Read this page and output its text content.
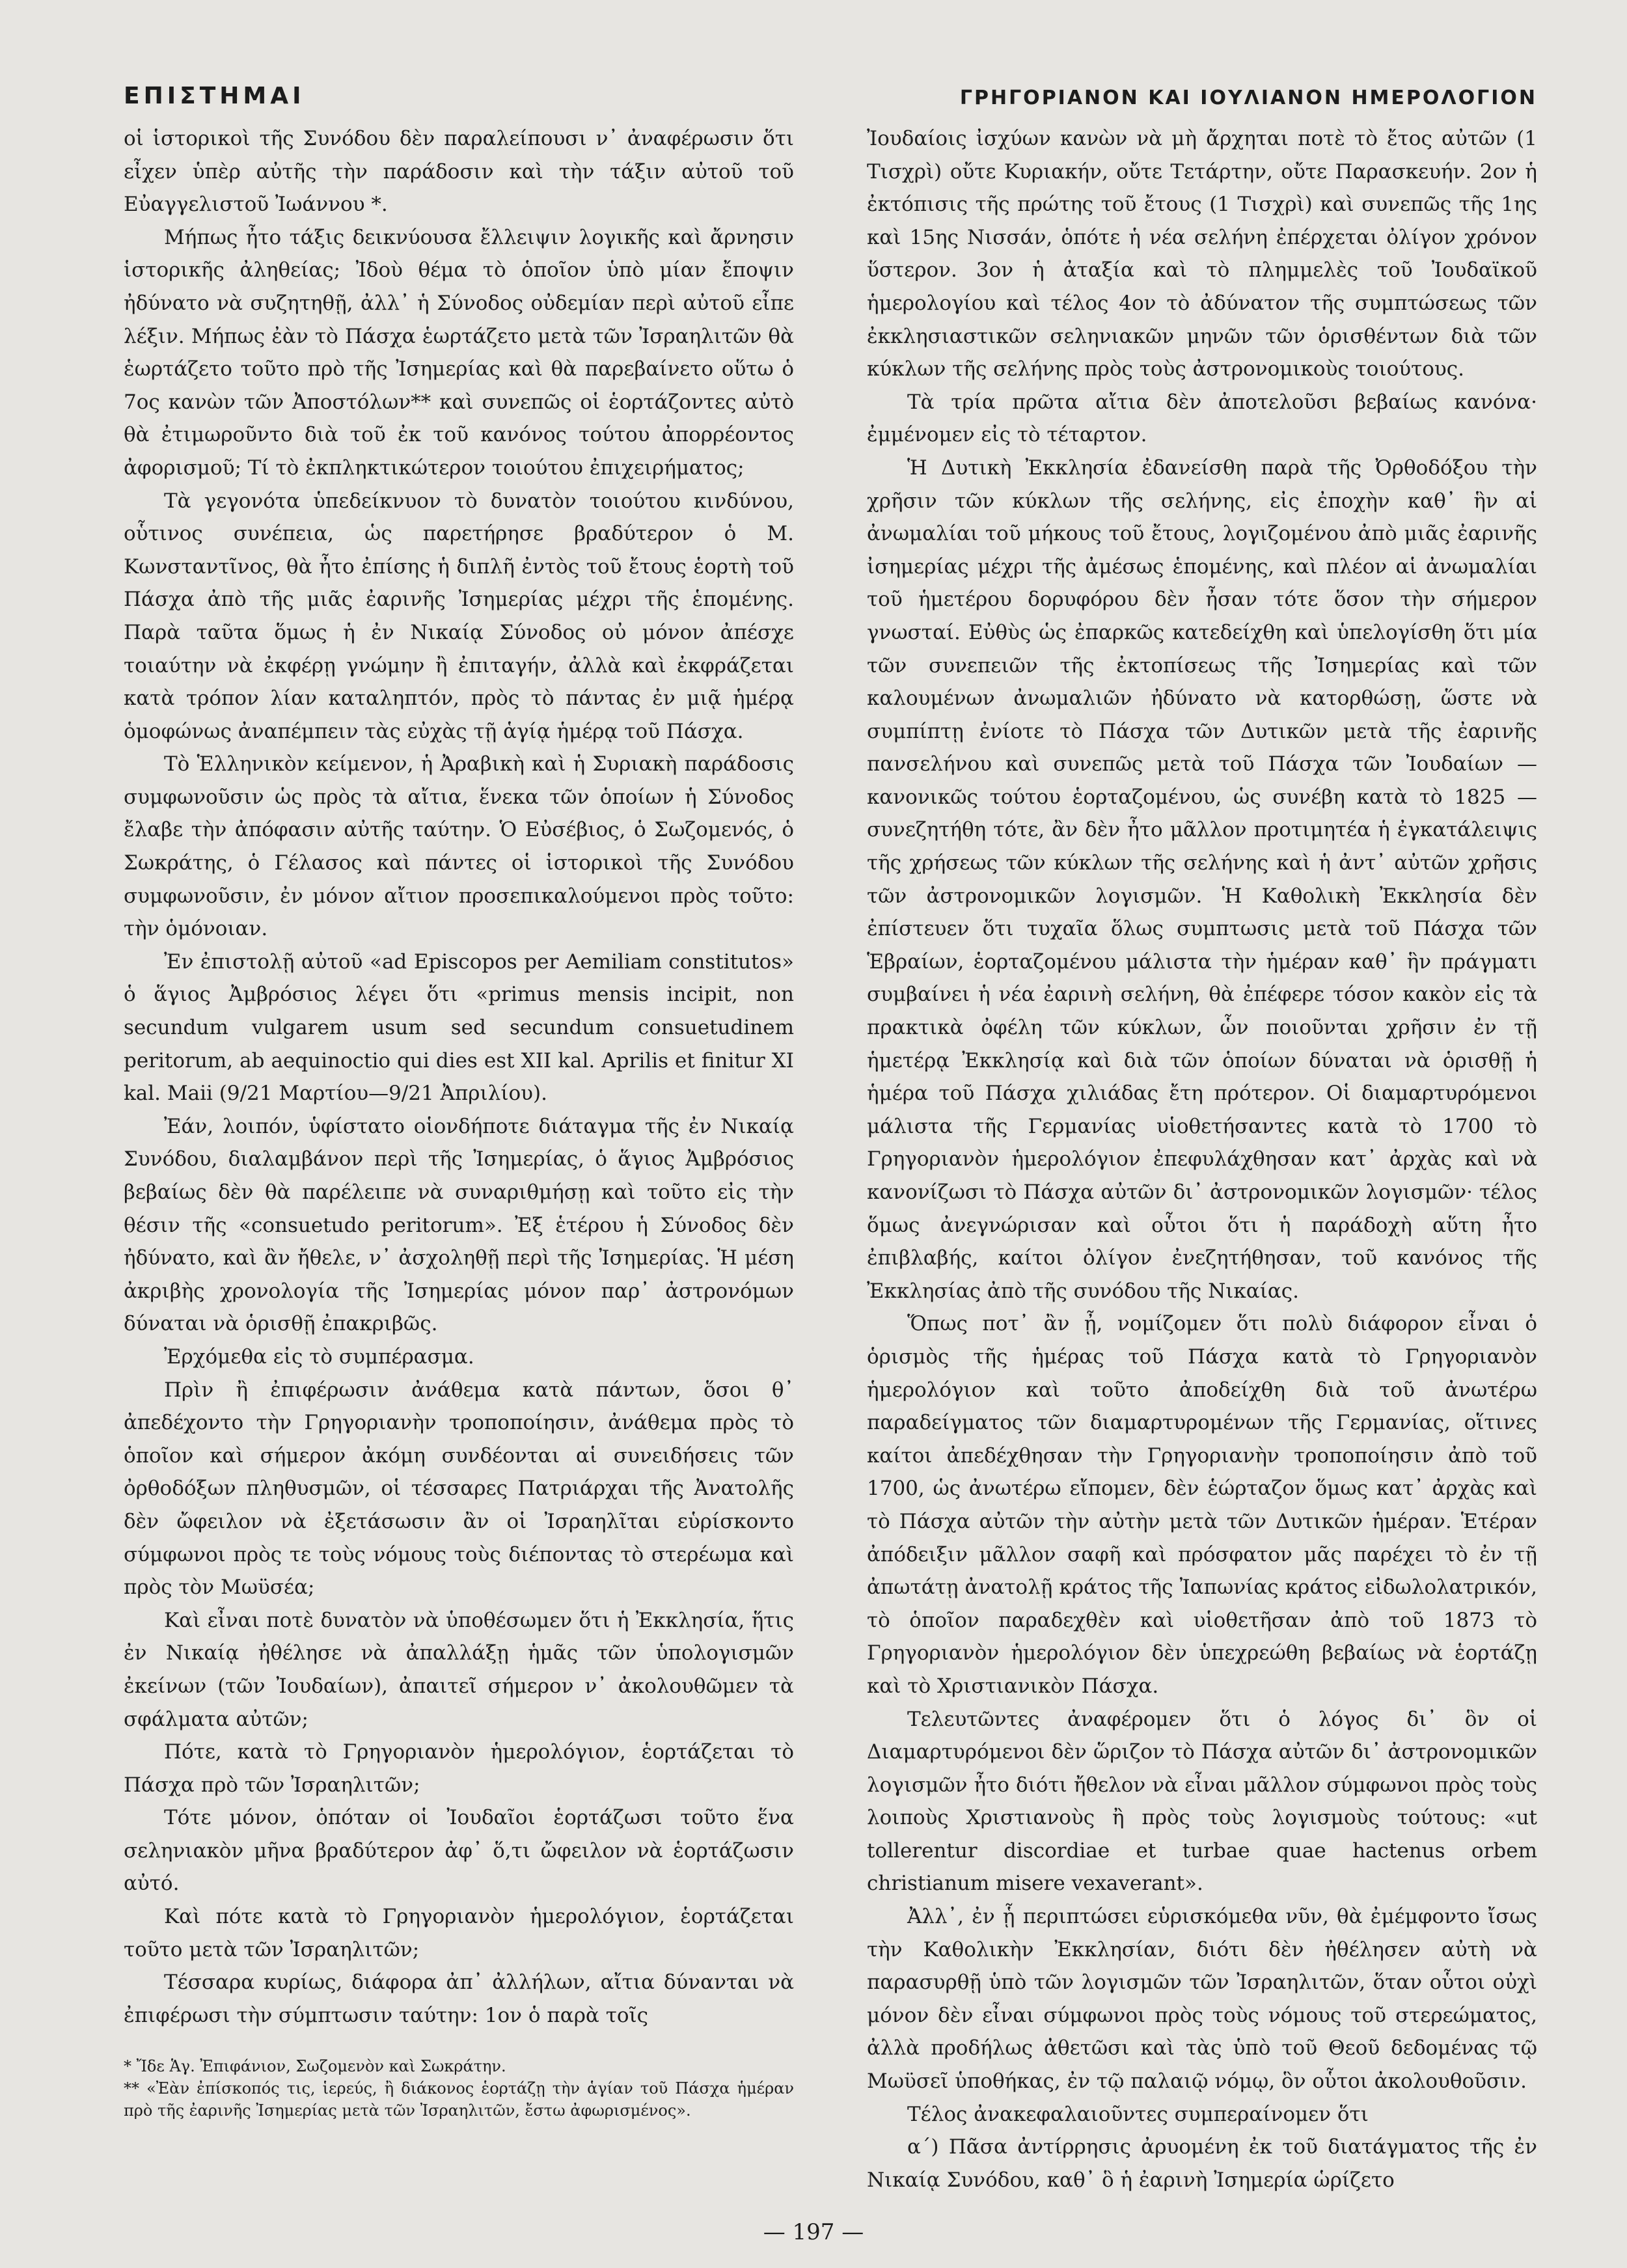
ΕΠΙΣΤΗΜΑΙ	ΓΡΗΓΟΡΙΑΝΟΝ ΚΑΙ ΙΟΥΛΙΑΝΟΝ ΗΜΕΡΟΛΟΓΙΟΝ

οἱ ἱστορικοὶ τῆς Συνόδου δὲν παραλείπουσι ν᾽ ἀναφέρωσιν ὅτι εἶχεν ὑπὲρ αὐτῆς τὴν παράδοσιν καὶ τὴν τάξιν αὐτοῦ τοῦ Εὐαγγελιστοῦ Ἰωάννου *.

Μήπως ἦτο τάξις δεικνύουσα ἔλλειψιν λογικῆς καὶ ἄρνησιν ἱστορικῆς ἀληθείας; Ἰδοὺ θέμα τὸ ὁποῖον ὑπὸ μίαν ἔποψιν ἠδύνατο νὰ συζητηθῇ, ἀλλ᾽ ἡ Σύνοδος οὐδεμίαν περὶ αὐτοῦ εἶπε λέξιν. Μήπως ἐὰν τὸ Πάσχα ἑωρτάζετο μετὰ τῶν Ἰσραηλιτῶν θὰ ἑωρτάζετο τοῦτο πρὸ τῆς Ἰσημερίας καὶ θὰ παρεβαίνετο οὕτω ὁ 7ος κανὼν τῶν Ἀποστόλων** καὶ συνεπῶς οἱ ἑορτάζοντες αὐτὸ θὰ ἐτιμωροῦντο διὰ τοῦ ἐκ τοῦ κανόνος τούτου ἀπορρέοντος ἀφορισμοῦ; Τί τὸ ἐκπληκτικώτερον τοιούτου ἐπιχειρήματος;

Τὰ γεγονότα ὑπεδείκνυον τὸ δυνατὸν τοιούτου κινδύνου, οὗτινος συνέπεια, ὡς παρετήρησε βραδύτερον ὁ Μ. Κωνσταντῖνος, θὰ ἦτο ἐπίσης ἡ διπλῆ ἐντὸς τοῦ ἔτους ἑορτὴ τοῦ Πάσχα ἀπὸ τῆς μιᾶς ἐαρινῆς Ἰσημερίας μέχρι τῆς ἑπομένης. Παρὰ ταῦτα ὅμως ἡ ἐν Νικαίᾳ Σύνοδος οὐ μόνον ἀπέσχε τοιαύτην νὰ ἐκφέρῃ γνώμην ἢ ἐπιταγήν, ἀλλὰ καὶ ἐκφράζεται κατὰ τρόπον λίαν καταληπτόν, πρὸς τὸ πάντας ἐν μιᾷ ἡμέρᾳ ὁμοφώνως ἀναπέμπειν τὰς εὐχὰς τῇ ἁγίᾳ ἡμέρᾳ τοῦ Πάσχα.

Τὸ Ἑλληνικὸν κείμενον, ἡ Ἀραβικὴ καὶ ἡ Συριακὴ παράδοσις συμφωνοῦσιν ὡς πρὸς τὰ αἴτια, ἕνεκα τῶν ὁποίων ἡ Σύνοδος ἔλαβε τὴν ἀπόφασιν αὐτῆς ταύτην. Ὁ Εὐσέβιος, ὁ Σωζομενός, ὁ Σωκράτης, ὁ Γέλασος καὶ πάντες οἱ ἱστορικοὶ τῆς Συνόδου συμφωνοῦσιν, ἐν μόνον αἴτιον προσεπικαλούμενοι πρὸς τοῦτο: τὴν ὁμόνοιαν.

Ἐν ἐπιστολῇ αὐτοῦ «ad Episcopos per Aemiliam constitutos» ὁ ἅγιος Ἀμβρόσιος λέγει ὅτι «primus mensis incipit, non secundum vulgarem usum sed secundum consuetudinem peritorum, ab aequinoctio qui dies est XII kal. Aprilis et finitur XI kal. Maii (9/21 Μαρτίου—9/21 Ἀπριλίου).

Ἐάν, λοιπόν, ὑφίστατο οἱονδήποτε διάταγμα τῆς ἐν Νικαίᾳ Συνόδου, διαλαμβάνον περὶ τῆς Ἰσημερίας, ὁ ἅγιος Ἀμβρόσιος βεβαίως δὲν θὰ παρέλειπε νὰ συναριθμήσῃ καὶ τοῦτο εἰς τὴν θέσιν τῆς «consuetudo peritorum». Ἐξ ἑτέρου ἡ Σύνοδος δὲν ἠδύνατο, καὶ ἂν ἤθελε, ν᾽ ἀσχοληθῇ περὶ τῆς Ἰσημερίας. Ἡ μέση ἀκριβὴς χρονολογία τῆς Ἰσημερίας μόνον παρ᾽ ἀστρονόμων δύναται νὰ ὁρισθῇ ἐπακριβῶς.

Ἐρχόμεθα εἰς τὸ συμπέρασμα.

Πρὶν ἢ ἐπιφέρωσιν ἀνάθεμα κατὰ πάντων, ὅσοι θ᾽ ἀπεδέχοντο τὴν Γρηγοριανὴν τροποποίησιν, ἀνάθεμα πρὸς τὸ ὁποῖον καὶ σήμερον ἀκόμη συνδέονται αἱ συνειδήσεις τῶν ὀρθοδόξων πληθυσμῶν, οἱ τέσσαρες Πατριάρχαι τῆς Ἀνατολῆς δὲν ὤφειλον νὰ ἐξετάσωσιν ἂν οἱ Ἰσραηλῖται εὑρίσκοντο σύμφωνοι πρὸς τε τοὺς νόμους τοὺς διέποντας τὸ στερέωμα καὶ πρὸς τὸν Μωϋσέα;

Καὶ εἶναι ποτὲ δυνατὸν νὰ ὑποθέσωμεν ὅτι ἡ Ἐκκλησία, ἥτις ἐν Νικαίᾳ ἠθέλησε νὰ ἀπαλλάξῃ ἡμᾶς τῶν ὑπολογισμῶν ἐκείνων (τῶν Ἰουδαίων), ἀπαιτεῖ σήμερον ν᾽ ἀκολουθῶμεν τὰ σφάλματα αὐτῶν;

Πότε, κατὰ τὸ Γρηγοριανὸν ἡμερολόγιον, ἑορτάζεται τὸ Πάσχα πρὸ τῶν Ἰσραηλιτῶν;

Τότε μόνον, ὁπόταν οἱ Ἰουδαῖοι ἑορτάζωσι τοῦτο ἕνα σεληνιακὸν μῆνα βραδύτερον ἀφ᾽ ὅ,τι ὤφειλον νὰ ἑορτάζωσιν αὐτό.

Καὶ πότε κατὰ τὸ Γρηγοριανὸν ἡμερολόγιον, ἑορτάζεται τοῦτο μετὰ τῶν Ἰσραηλιτῶν;

Τέσσαρα κυρίως, διάφορα ἀπ᾽ ἀλλήλων, αἴτια δύνανται νὰ ἐπιφέρωσι τὴν σύμπτωσιν ταύτην: 1ον ὁ παρὰ τοῖς

* Ἴδε Ἁγ. Ἐπιφάνιον, Σωζομενὸν καὶ Σωκράτην.

** «Ἐὰν ἐπίσκοπός τις, ἱερεύς, ἢ διάκονος ἑορτάζῃ τὴν ἁγίαν τοῦ Πάσχα ἡμέραν πρὸ τῆς ἐαρινῆς Ἰσημερίας μετὰ τῶν Ἰσραηλιτῶν, ἔστω ἀφωρισμένος».

Ἰουδαίοις ἰσχύων κανὼν νὰ μὴ ἄρχηται ποτὲ τὸ ἔτος αὐτῶν (1 Τισχρὶ) οὔτε Κυριακήν, οὔτε Τετάρτην, οὔτε Παρασκευήν. 2ον ἡ ἐκτόπισις τῆς πρώτης τοῦ ἔτους (1 Τισχρὶ) καὶ συνεπῶς τῆς 1ης καὶ 15ης Νισσάν, ὁπότε ἡ νέα σελήνη ἐπέρχεται ὀλίγον χρόνον ὕστερον. 3ον ἡ ἀταξία καὶ τὸ πλημμελὲς τοῦ Ἰουδαϊκοῦ ἡμερολογίου καὶ τέλος 4ον τὸ ἀδύνατον τῆς συμπτώσεως τῶν ἐκκλησιαστικῶν σεληνιακῶν μηνῶν τῶν ὁρισθέντων διὰ τῶν κύκλων τῆς σελήνης πρὸς τοὺς ἀστρονομικοὺς τοιούτους.

Τὰ τρία πρῶτα αἴτια δὲν ἀποτελοῦσι βεβαίως κανόνα· ἐμμένομεν εἰς τὸ τέταρτον.

Ἡ Δυτικὴ Ἐκκλησία ἐδανείσθη παρὰ τῆς Ὀρθοδόξου τὴν χρῆσιν τῶν κύκλων τῆς σελήνης, εἰς ἐποχὴν καθ᾽ ἣν αἱ ἀνωμαλίαι τοῦ μήκους τοῦ ἔτους, λογιζομένου ἀπὸ μιᾶς ἐαρινῆς ἰσημερίας μέχρι τῆς ἀμέσως ἑπομένης, καὶ πλέον αἱ ἀνωμαλίαι τοῦ ἡμετέρου δορυφόρου δὲν ἦσαν τότε ὅσον τὴν σήμερον γνωσταί. Εὐθὺς ὡς ἐπαρκῶς κατεδείχθη καὶ ὑπελογίσθη ὅτι μία τῶν συνεπειῶν τῆς ἐκτοπίσεως τῆς Ἰσημερίας καὶ τῶν καλουμένων ἀνωμαλιῶν ἠδύνατο νὰ κατορθώσῃ, ὥστε νὰ συμπίπτῃ ἐνίοτε τὸ Πάσχα τῶν Δυτικῶν μετὰ τῆς ἐαρινῆς πανσελήνου καὶ συνεπῶς μετὰ τοῦ Πάσχα τῶν Ἰουδαίων — κανονικῶς τούτου ἑορταζομένου, ὡς συνέβη κατὰ τὸ 1825 — συνεζητήθη τότε, ἂν δὲν ἦτο μᾶλλον προτιμητέα ἡ ἐγκατάλειψις τῆς χρήσεως τῶν κύκλων τῆς σελήνης καὶ ἡ ἀντ᾽ αὐτῶν χρῆσις τῶν ἀστρονομικῶν λογισμῶν. Ἡ Καθολικὴ Ἐκκλησία δὲν ἐπίστευεν ὅτι τυχαῖα ὅλως συμπτωσις μετὰ τοῦ Πάσχα τῶν Ἑβραίων, ἑορταζομένου μάλιστα τὴν ἡμέραν καθ᾽ ἣν πράγματι συμβαίνει ἡ νέα ἐαρινὴ σελήνη, θὰ ἐπέφερε τόσον κακὸν εἰς τὰ πρακτικὰ ὀφέλη τῶν κύκλων, ὧν ποιοῦνται χρῆσιν ἐν τῇ ἡμετέρᾳ Ἐκκλησίᾳ καὶ διὰ τῶν ὁποίων δύναται νὰ ὁρισθῇ ἡ ἡμέρα τοῦ Πάσχα χιλιάδας ἔτη πρότερον. Οἱ διαμαρτυρόμενοι μάλιστα τῆς Γερμανίας υἱοθετήσαντες κατὰ τὸ 1700 τὸ Γρηγοριανὸν ἡμερολόγιον ἐπεφυλάχθησαν κατ᾽ ἀρχὰς καὶ νὰ κανονίζωσι τὸ Πάσχα αὐτῶν δι᾽ ἀστρονομικῶν λογισμῶν· τέλος ὅμως ἀνεγνώρισαν καὶ οὗτοι ὅτι ἡ παράδοχὴ αὕτη ἦτο ἐπιβλαβής, καίτοι ὀλίγον ἐνεζητήθησαν, τοῦ κανόνος τῆς Ἐκκλησίας ἀπὸ τῆς συνόδου τῆς Νικαίας.

Ὅπως ποτ᾽ ἂν ᾖ, νομίζομεν ὅτι πολὺ διάφορον εἶναι ὁ ὁρισμὸς τῆς ἡμέρας τοῦ Πάσχα κατὰ τὸ Γρηγοριανὸν ἡμερολόγιον καὶ τοῦτο ἀποδείχθη διὰ τοῦ ἀνωτέρω παραδείγματος τῶν διαμαρτυρομένων τῆς Γερμανίας, οἵτινες καίτοι ἀπεδέχθησαν τὴν Γρηγοριανὴν τροποποίησιν ἀπὸ τοῦ 1700, ὡς ἀνωτέρω εἴπομεν, δὲν ἑώρταζον ὅμως κατ᾽ ἀρχὰς καὶ τὸ Πάσχα αὐτῶν τὴν αὐτὴν μετὰ τῶν Δυτικῶν ἡμέραν. Ἑτέραν ἀπόδειξιν μᾶλλον σαφῆ καὶ πρόσφατον μᾶς παρέχει τὸ ἐν τῇ ἀπωτάτῃ ἀνατολῇ κράτος τῆς Ἰαπωνίας κράτος εἰδωλολατρικόν, τὸ ὁποῖον παραδεχθὲν καὶ υἱοθετῆσαν ἀπὸ τοῦ 1873 τὸ Γρηγοριανὸν ἡμερολόγιον δὲν ὑπεχρεώθη βεβαίως νὰ ἑορτάζῃ καὶ τὸ Χριστιανικὸν Πάσχα.

Τελευτῶντες ἀναφέρομεν ὅτι ὁ λόγος δι᾽ ὃν οἱ Διαμαρτυρόμενοι δὲν ὥριζον τὸ Πάσχα αὐτῶν δι᾽ ἀστρονομικῶν λογισμῶν ἦτο διότι ἤθελον νὰ εἶναι μᾶλλον σύμφωνοι πρὸς τοὺς λοιποὺς Χριστιανοὺς ἢ πρὸς τοὺς λογισμοὺς τούτους: «ut tollerentur discordiae et turbae quae hactenus orbem christianum misere vexaverant».

Ἀλλ᾽, ἐν ᾗ περιπτώσει εὑρισκόμεθα νῦν, θὰ ἐμέμφοντο ἴσως τὴν Καθολικὴν Ἐκκλησίαν, διότι δὲν ἠθέλησεν αὐτὴ νὰ παρασυρθῇ ὑπὸ τῶν λογισμῶν τῶν Ἰσραηλιτῶν, ὅταν οὗτοι οὐχὶ μόνον δὲν εἶναι σύμφωνοι πρὸς τοὺς νόμους τοῦ στερεώματος, ἀλλὰ προδήλως ἀθετῶσι καὶ τὰς ὑπὸ τοῦ Θεοῦ δεδομένας τῷ Μωϋσεῖ ὑποθήκας, ἐν τῷ παλαιῷ νόμῳ, ὃν οὗτοι ἀκολουθοῦσιν.

Τέλος ἀνακεφαλαιοῦντες συμπεραίνομεν ὅτι

α΄) Πᾶσα ἀντίρρησις ἀρυομένη ἐκ τοῦ διατάγματος τῆς ἐν Νικαίᾳ Συνόδου, καθ᾽ ὃ ἡ ἐαρινὴ Ἰσημερία ὡρίζετο

— 197 —
